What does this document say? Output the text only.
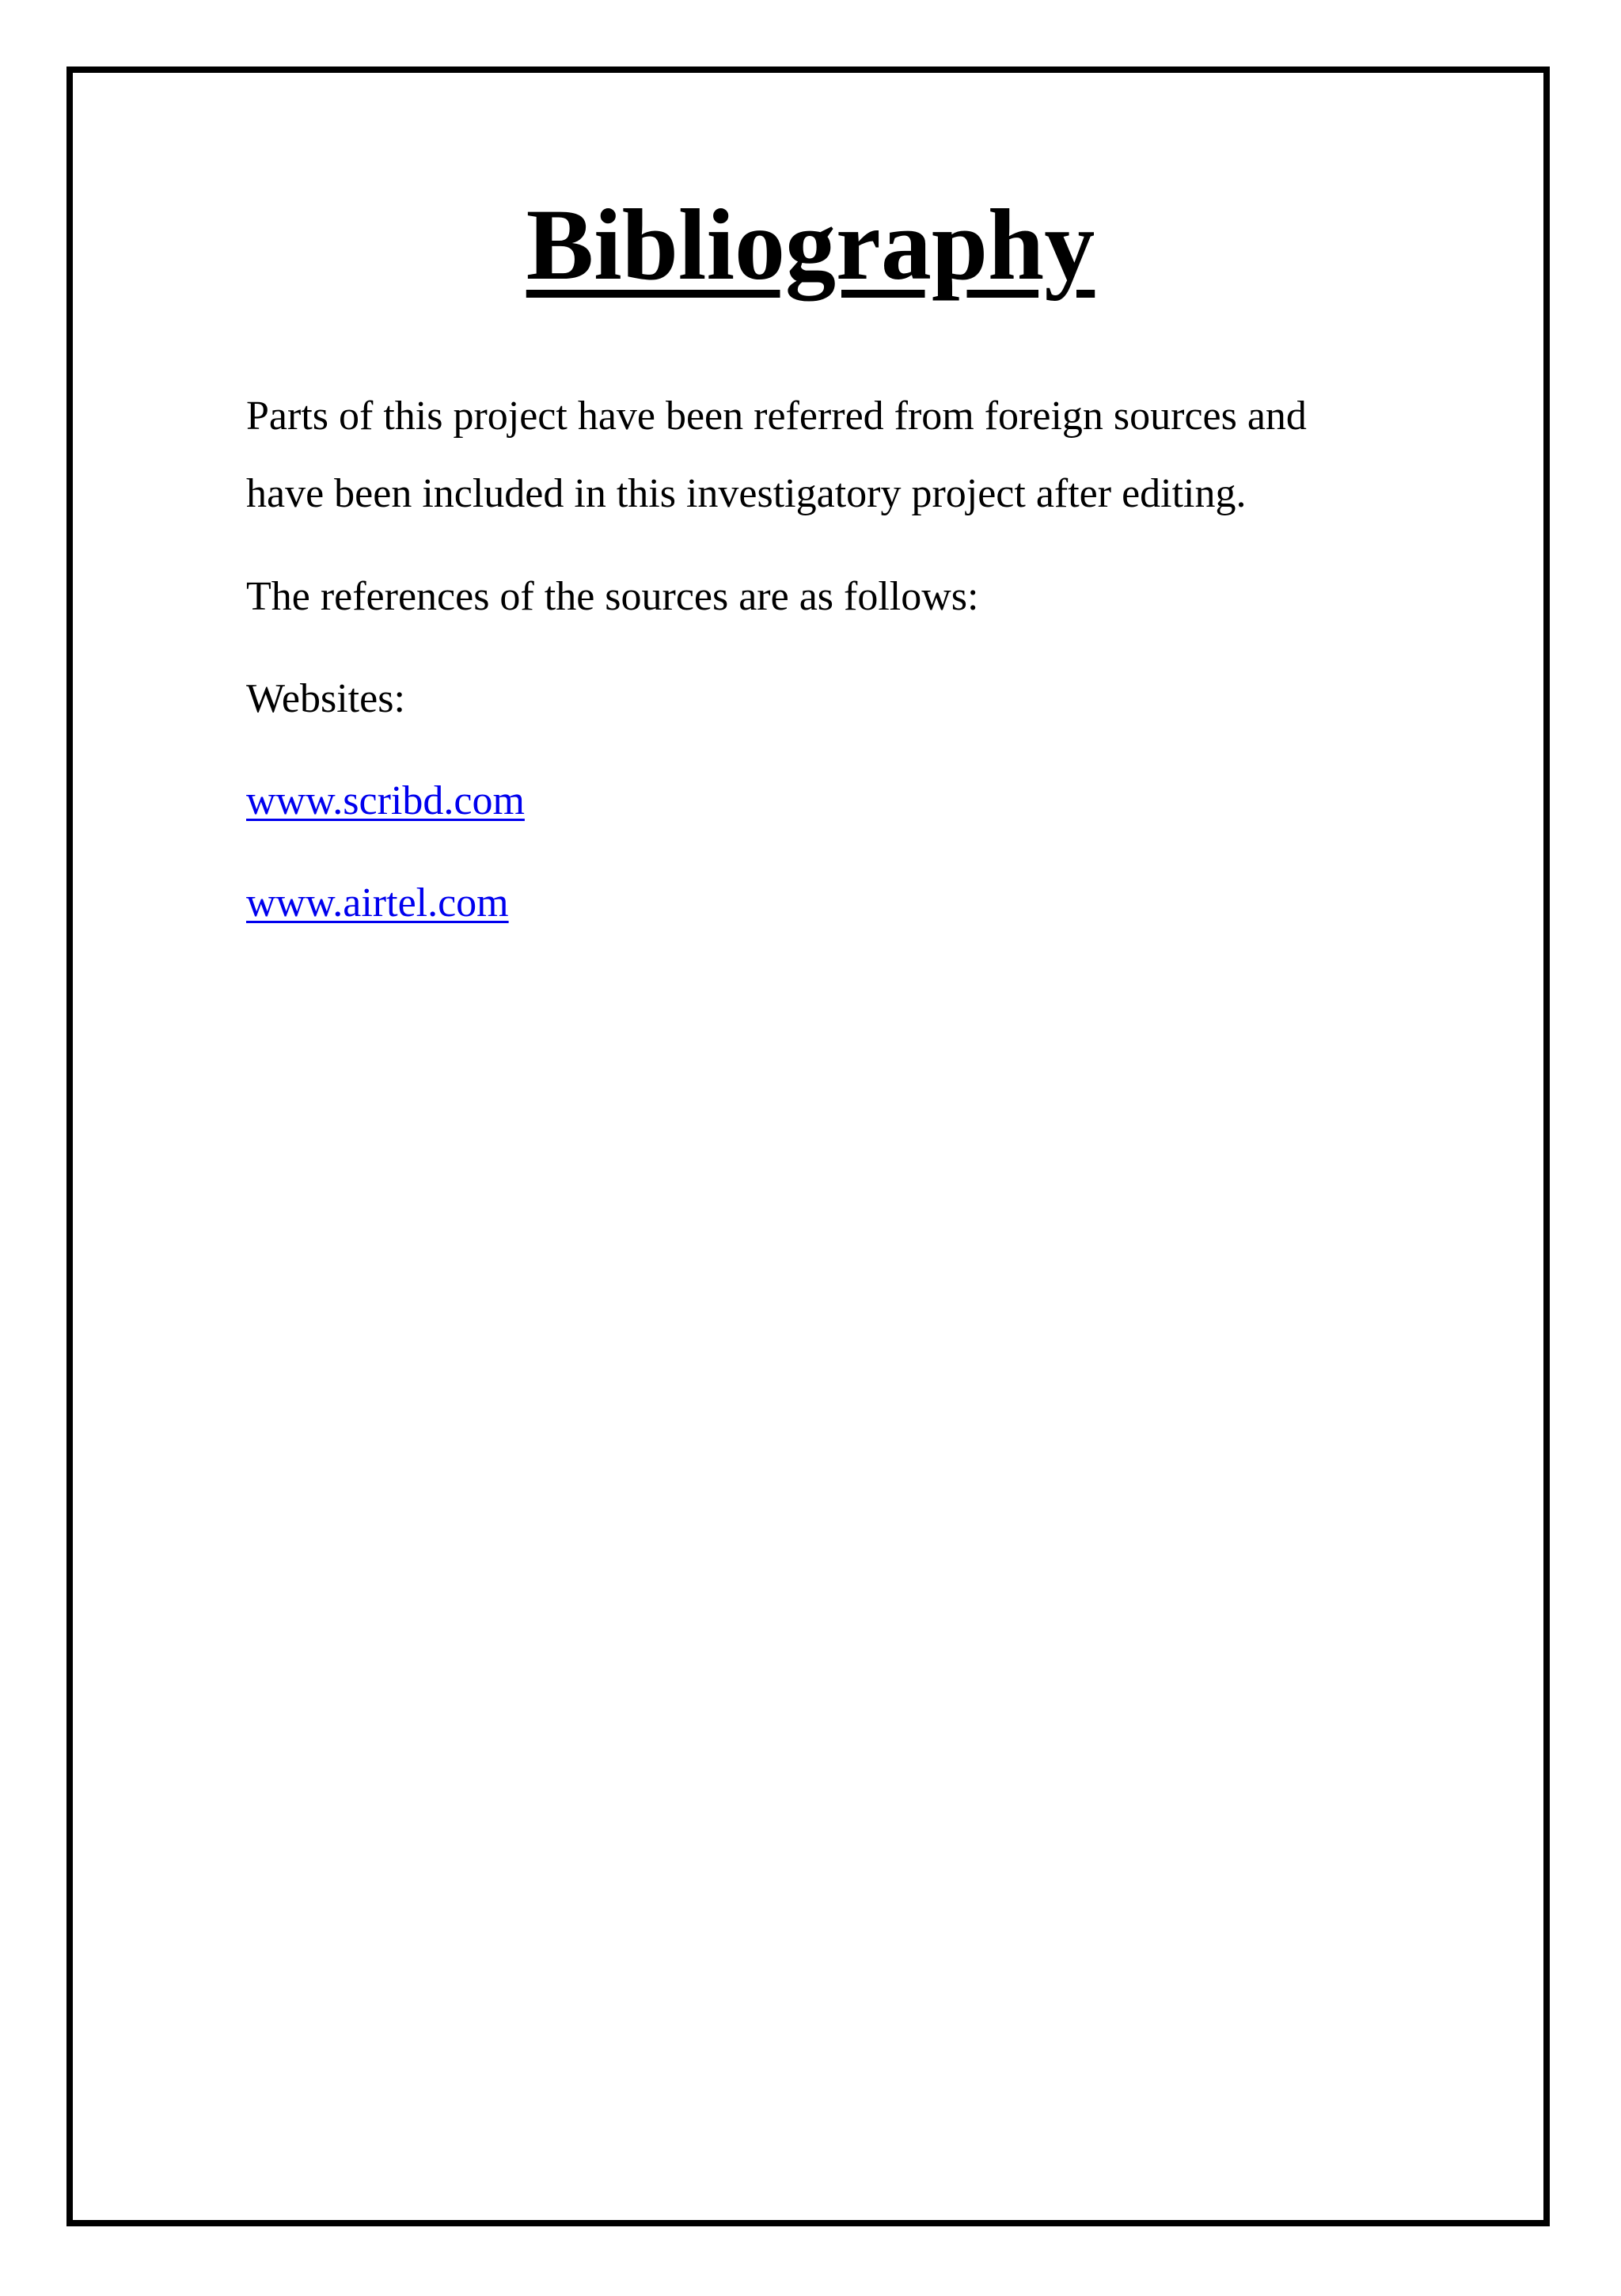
Bibliography

Parts of this project have been referred from foreign sources and

have been included in this investigatory project after editing.

The references of the sources are as follows:

Websites:

www.scribd.com

www.airtel.com
